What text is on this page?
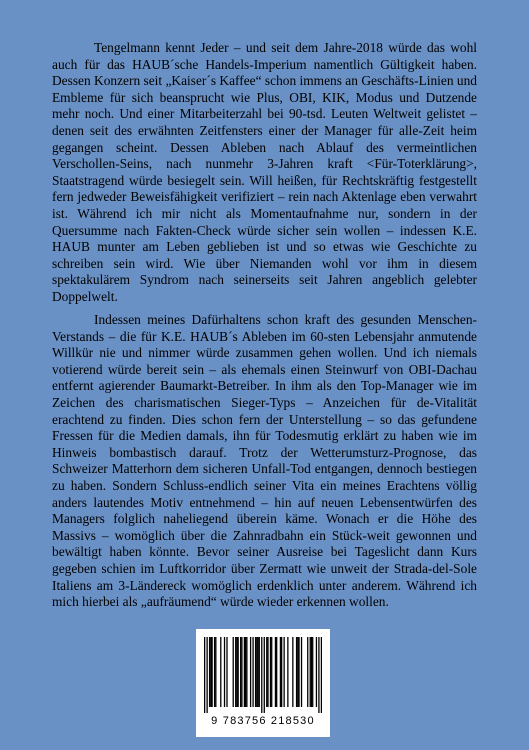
Tengelmann kennt Jeder – und seit dem Jahre-2018 würde das wohl auch für das HAUB´sche Handels-Imperium namentlich Gültigkeit haben. Dessen Konzern seit „Kaiser´s Kaffee“ schon immens an Geschäfts-Linien und Embleme für sich beansprucht wie Plus, OBI, KIK, Modus und Dutzende mehr noch. Und einer Mitarbeiterzahl bei 90-tsd. Leuten Weltweit gelistet – denen seit des erwähnten Zeitfensters einer der Manager für alle-Zeit heim gegangen scheint. Dessen Ableben nach Ablauf des vermeintlichen Verschollen-Seins, nach nunmehr 3-Jahren kraft <Für-Toterklärung>, Staatstragend würde besiegelt sein. Will heißen, für Rechtskräftig festgestellt fern jedweder Beweisfähigkeit verifiziert – rein nach Aktenlage eben verwahrt ist. Während ich mir nicht als Momentaufnahme nur, sondern in der Quersumme nach Fakten-Check würde sicher sein wollen – indessen K.E. HAUB munter am Leben geblieben ist und so etwas wie Geschichte zu schreiben sein wird. Wie über Niemanden wohl vor ihm in diesem spektakulärem Syndrom nach seinerseits seit Jahren angeblich gelebter Doppelwelt.

Indessen meines Dafürhaltens schon kraft des gesunden Menschen-Verstands – die für K.E. HAUB´s Ableben im 60-sten Lebensjahr anmutende Willkür nie und nimmer würde zusammen gehen wollen. Und ich niemals votierend würde bereit sein – als ehemals einen Steinwurf von OBI-Dachau entfernt agierender Baumarkt-Betreiber. In ihm als den Top-Manager wie im Zeichen des charismatischen Sieger-Typs – Anzeichen für de-Vitalität erachtend zu finden. Dies schon fern der Unterstellung – so das gefundene Fressen für die Medien damals, ihn für Todesmutig erklärt zu haben wie im Hinweis bombastisch darauf. Trotz der Wetterumsturz-Prognose, das Schweizer Matterhorn dem sicheren Unfall-Tod entgangen, dennoch bestiegen zu haben. Sondern Schluss-endlich seiner Vita ein meines Erachtens völlig anders lautendes Motiv entnehmend – hin auf neuen Lebensentwürfen des Managers folglich naheliegend überein käme. Wonach er die Höhe des Massivs – womöglich über die Zahnradbahn ein Stück-weit gewonnen und bewältigt haben könnte. Bevor seiner Ausreise bei Tageslicht dann Kurs gegeben schien im Luftkorridor über Zermatt wie unweit der Strada-del-Sole Italiens am 3-Ländereck womöglich erdenklich unter anderem. Während ich mich hierbei als „aufräumend“ würde wieder erkennen wollen.

9 783756 218530
